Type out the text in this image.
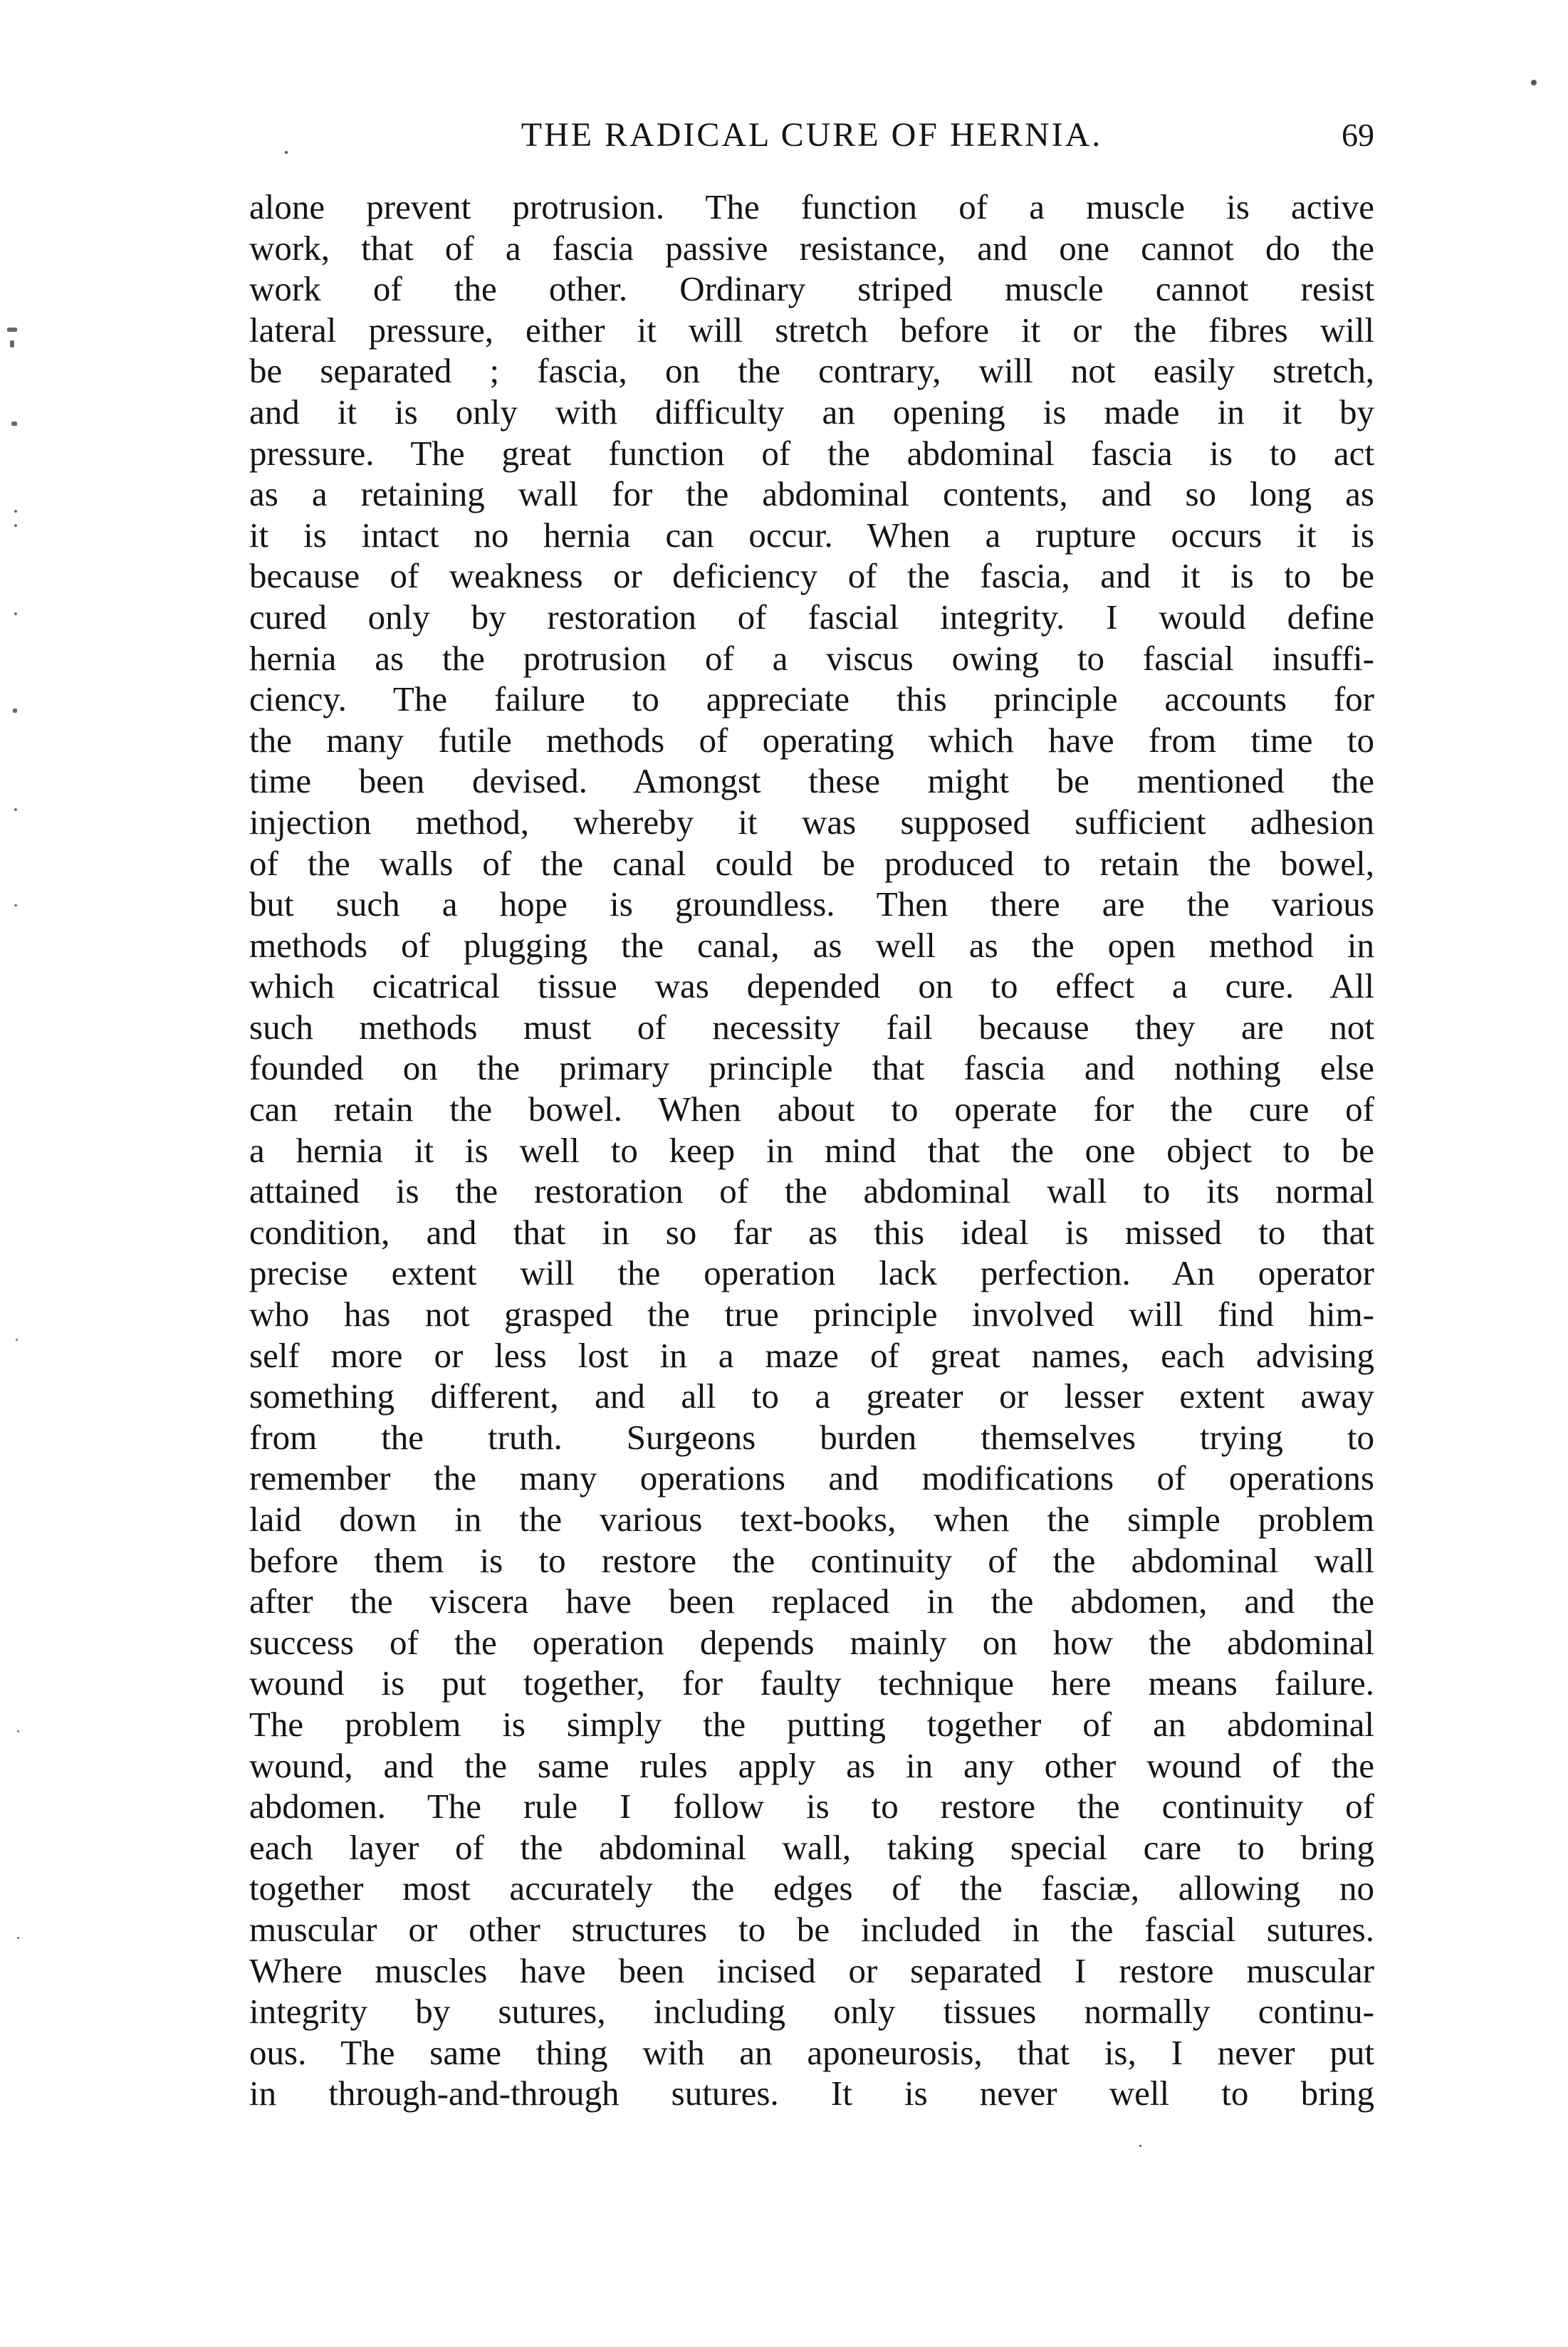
THE RADICAL CURE OF HERNIA.	69
alone prevent protrusion. The function of a muscle is active
work, that of a fascia passive resistance, and one cannot do the
work of the other. Ordinary striped muscle cannot resist
lateral pressure, either it will stretch before it or the fibres will
be separated ; fascia, on the contrary, will not easily stretch,
and it is only with difficulty an opening is made in it by
pressure. The great function of the abdominal fascia is to act
as a retaining wall for the abdominal contents, and so long as
it is intact no hernia can occur. When a rupture occurs it is
because of weakness or deficiency of the fascia, and it is to be
cured only by restoration of fascial integrity. I would define
hernia as the protrusion of a viscus owing to fascial insuffi-
ciency. The failure to appreciate this principle accounts for
the many futile methods of operating which have from time to
time been devised. Amongst these might be mentioned the
injection method, whereby it was supposed sufficient adhesion
of the walls of the canal could be produced to retain the bowel,
but such a hope is groundless. Then there are the various
methods of plugging the canal, as well as the open method in
which cicatrical tissue was depended on to effect a cure. All
such methods must of necessity fail because they are not
founded on the primary principle that fascia and nothing else
can retain the bowel. When about to operate for the cure of
a hernia it is well to keep in mind that the one object to be
attained is the restoration of the abdominal wall to its normal
condition, and that in so far as this ideal is missed to that
precise extent will the operation lack perfection. An operator
who has not grasped the true principle involved will find him-
self more or less lost in a maze of great names, each advising
something different, and all to a greater or lesser extent away
from the truth. Surgeons burden themselves trying to
remember the many operations and modifications of operations
laid down in the various text-books, when the simple problem
before them is to restore the continuity of the abdominal wall
after the viscera have been replaced in the abdomen, and the
success of the operation depends mainly on how the abdominal
wound is put together, for faulty technique here means failure.
The problem is simply the putting together of an abdominal
wound, and the same rules apply as in any other wound of the
abdomen. The rule I follow is to restore the continuity of
each layer of the abdominal wall, taking special care to bring
together most accurately the edges of the fasciæ, allowing no
muscular or other structures to be included in the fascial sutures.
Where muscles have been incised or separated I restore muscular
integrity by sutures, including only tissues normally continu-
ous. The same thing with an aponeurosis, that is, I never put
in through-and-through sutures. It is never well to bring
